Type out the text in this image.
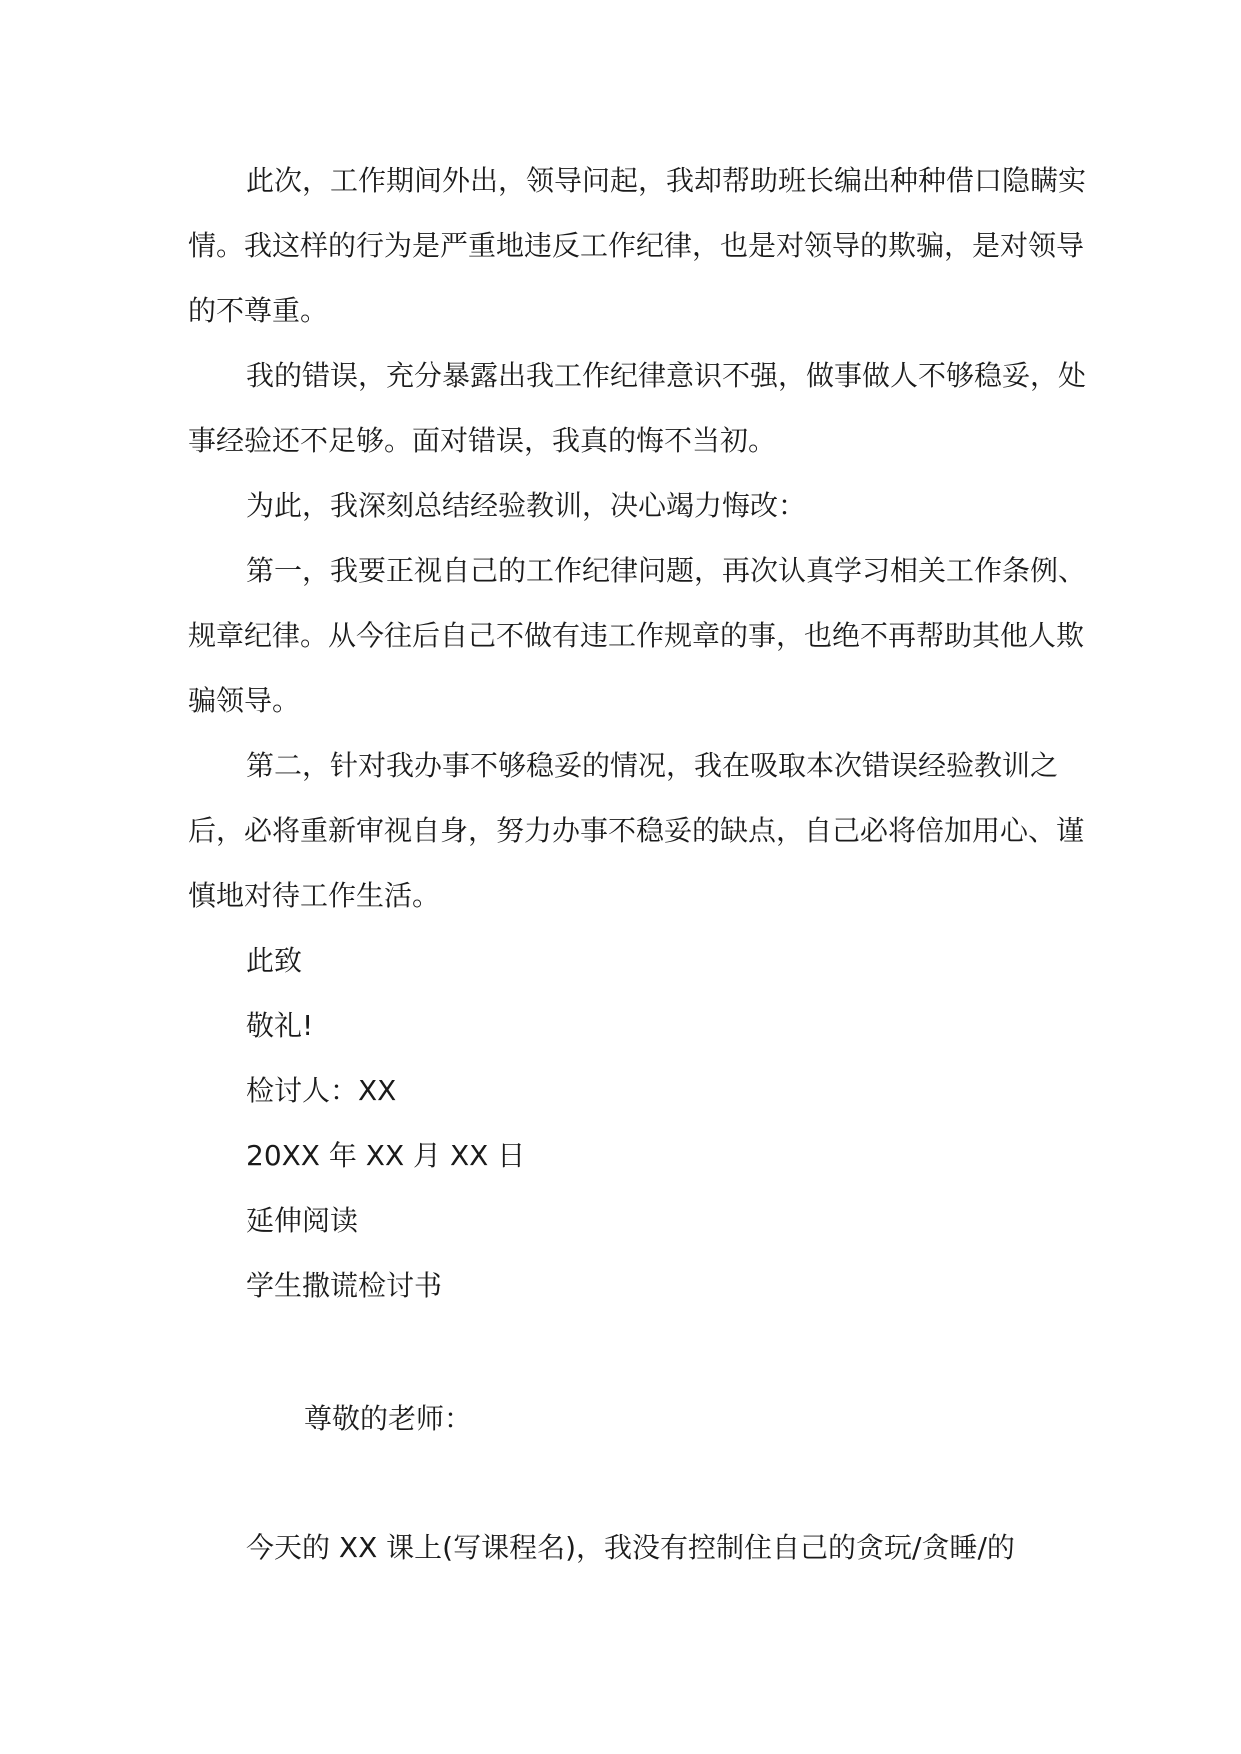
此次，工作期间外出，领导问起，我却帮助班长编出种种借口隐瞒实情。我这样的行为是严重地违反工作纪律，也是对领导的欺骗，是对领导的不尊重。

我的错误，充分暴露出我工作纪律意识不强，做事做人不够稳妥，处事经验还不足够。面对错误，我真的悔不当初。

为此，我深刻总结经验教训，决心竭力悔改：

第一，我要正视自己的工作纪律问题，再次认真学习相关工作条例、规章纪律。从今往后自己不做有违工作规章的事，也绝不再帮助其他人欺骗领导。

第二，针对我办事不够稳妥的情况，我在吸取本次错误经验教训之后，必将重新审视自身，努力办事不稳妥的缺点，自己必将倍加用心、谨慎地对待工作生活。

此致

敬礼!

检讨人：XX

20XX 年 XX 月 XX 日

延伸阅读

学生撒谎检讨书

尊敬的老师：

今天的 XX 课上(写课程名)，我没有控制住自己的贪玩/贪睡/的
